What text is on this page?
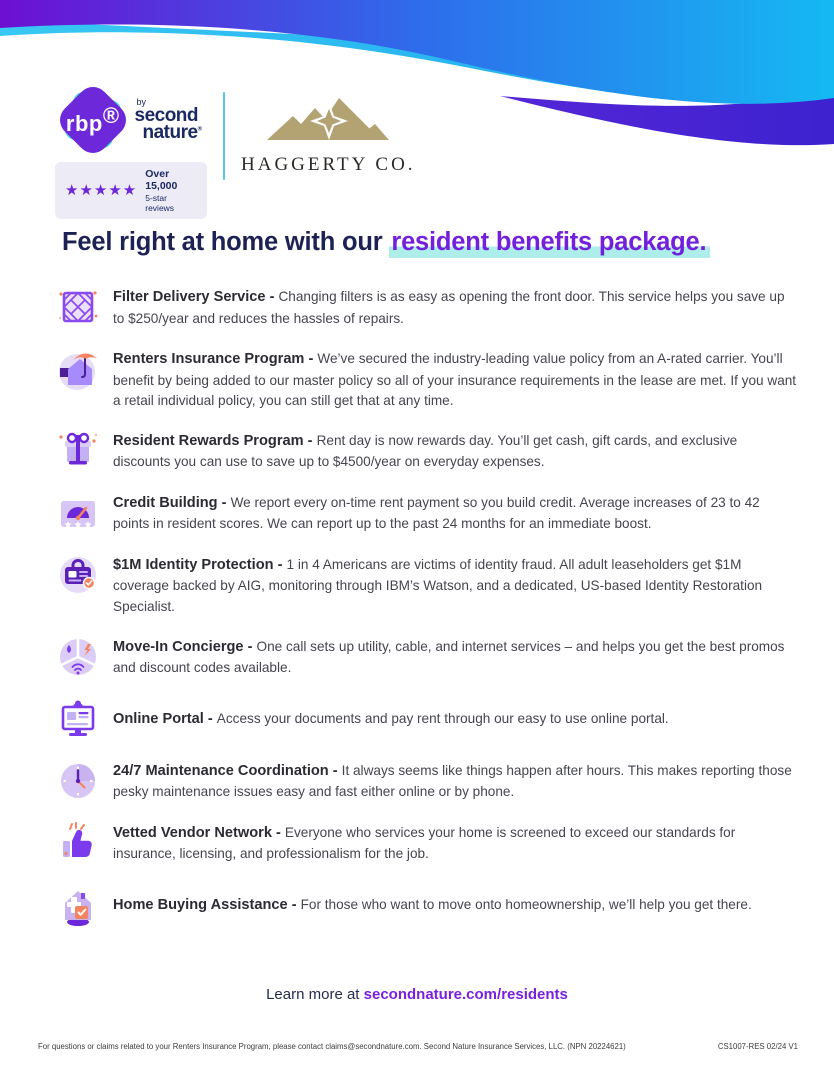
rbp®
by
second
nature®
★★★★★
Over 15,000
5-star reviews
HAGGERTY CO.
Feel right at home with our resident benefits package.

Filter Delivery Service - Changing filters is as easy as opening the front door. This service helps you save up to $250/year and reduces the hassles of repairs.

Renters Insurance Program - We’ve secured the industry-leading value policy from an A-rated carrier. You’ll benefit by being added to our master policy so all of your insurance requirements in the lease are met. If you want a retail individual policy, you can still get that at any time.

Resident Rewards Program - Rent day is now rewards day. You’ll get cash, gift cards, and exclusive discounts you can use to save up to $4500/year on everyday expenses.

Credit Building - We report every on-time rent payment so you build credit. Average increases of 23 to 42 points in resident scores. We can report up to the past 24 months for an immediate boost.

$1M Identity Protection - 1 in 4 Americans are victims of identity fraud. All adult leaseholders get $1M coverage backed by AIG, monitoring through IBM’s Watson, and a dedicated, US-based Identity Restoration Specialist.

Move-In Concierge - One call sets up utility, cable, and internet services – and helps you get the best promos and discount codes available.

Online Portal - Access your documents and pay rent through our easy to use online portal.

24/7 Maintenance Coordination - It always seems like things happen after hours. This makes reporting those pesky maintenance issues easy and fast either online or by phone.

Vetted Vendor Network - Everyone who services your home is screened to exceed our standards for insurance, licensing, and professionalism for the job.

Home Buying Assistance - For those who want to move onto homeownership, we’ll help you get there.

Learn more at secondnature.com/residents
For questions or claims related to your Renters Insurance Program, please contact claims@secondnature.com. Second Nature Insurance Services, LLC. (NPN 20224621)	CS1007-RES 02/24 V1
